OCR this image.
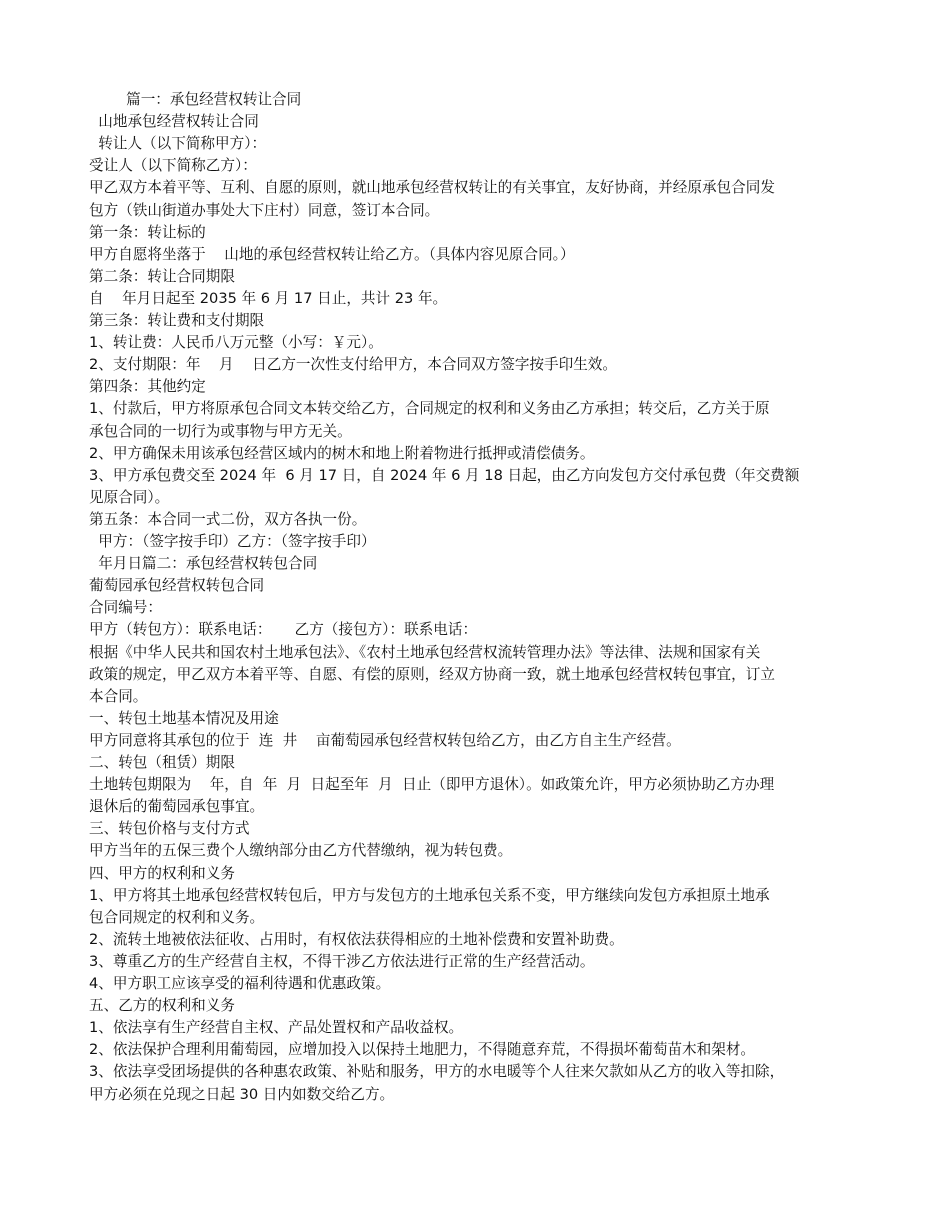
篇一：承包经营权转让合同
山地承包经营权转让合同
转让人（以下简称甲方）：
受让人（以下简称乙方）：
甲乙双方本着平等、互利、自愿的原则，就山地承包经营权转让的有关事宜，友好协商，并经原承包合同发
包方（铁山街道办事处大下庄村）同意，签订本合同。
第一条：转让标的
甲方自愿将坐落于    山地的承包经营权转让给乙方。（具体内容见原合同。）
第二条：转让合同期限
自    年月日起至 2035 年 6 月 17 日止，共计 23 年。
第三条：转让费和支付期限
1、转让费：人民币八万元整（小写：￥元）。
2、支付期限：年    月    日乙方一次性支付给甲方，本合同双方签字按手印生效。
第四条：其他约定
1、付款后，甲方将原承包合同文本转交给乙方，合同规定的权利和义务由乙方承担；转交后，乙方关于原
承包合同的一切行为或事物与甲方无关。
2、甲方确保未用该承包经营区域内的树木和地上附着物进行抵押或清偿债务。
3、甲方承包费交至 2024 年  6 月 17 日，自 2024 年 6 月 18 日起，由乙方向发包方交付承包费（年交费额
见原合同）。
第五条：本合同一式二份，双方各执一份。
甲方：（签字按手印）乙方：（签字按手印）
年月日篇二：承包经营权转包合同
葡萄园承包经营权转包合同
合同编号：
甲方（转包方）：联系电话：     乙方（接包方）：联系电话：
根据《中华人民共和国农村土地承包法》、《农村土地承包经营权流转管理办法》等法律、法规和国家有关
政策的规定，甲乙双方本着平等、自愿、有偿的原则，经双方协商一致，就土地承包经营权转包事宜，订立
本合同。
一、转包土地基本情况及用途
甲方同意将其承包的位于  连  井    亩葡萄园承包经营权转包给乙方，由乙方自主生产经营。
二、转包（租赁）期限
土地转包期限为    年，自  年  月  日起至年  月  日止（即甲方退休）。如政策允许，甲方必须协助乙方办理
退休后的葡萄园承包事宜。
三、转包价格与支付方式
甲方当年的五保三费个人缴纳部分由乙方代替缴纳，视为转包费。
四、甲方的权利和义务
1、甲方将其土地承包经营权转包后，甲方与发包方的土地承包关系不变，甲方继续向发包方承担原土地承
包合同规定的权利和义务。
2、流转土地被依法征收、占用时，有权依法获得相应的土地补偿费和安置补助费。
3、尊重乙方的生产经营自主权，不得干涉乙方依法进行正常的生产经营活动。
4、甲方职工应该享受的福利待遇和优惠政策。
五、乙方的权利和义务
1、依法享有生产经营自主权、产品处置权和产品收益权。
2、依法保护合理利用葡萄园，应增加投入以保持土地肥力，不得随意弃荒，不得损坏葡萄苗木和架材。
3、依法享受团场提供的各种惠农政策、补贴和服务，甲方的水电暖等个人往来欠款如从乙方的收入等扣除，
甲方必须在兑现之日起 30 日内如数交给乙方。
